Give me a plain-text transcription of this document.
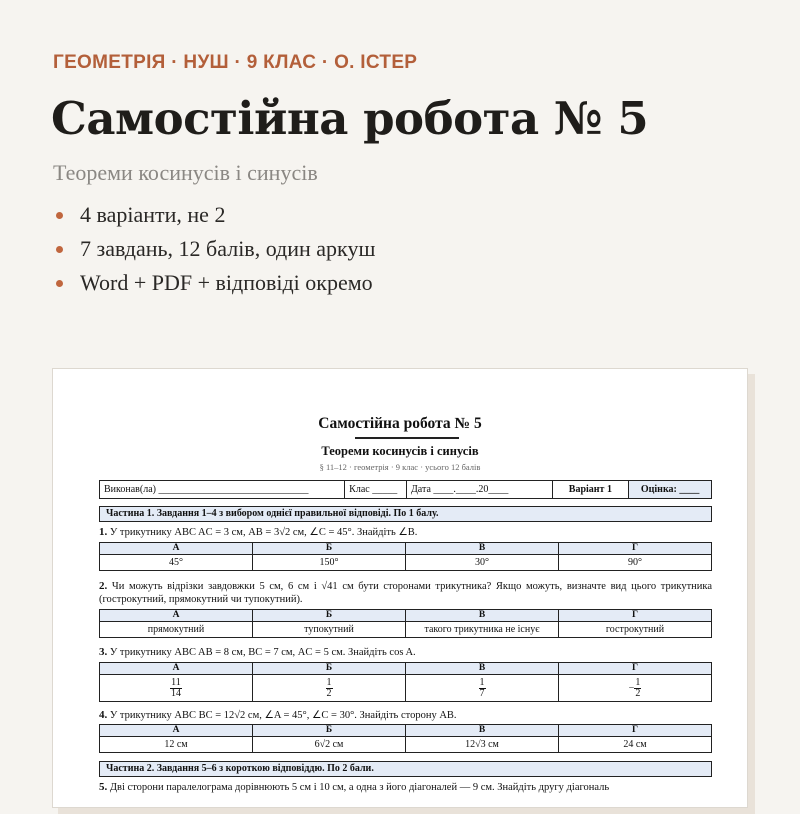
ГЕОМЕТРІЯ · НУШ · 9 КЛАС · О. ІСТЕР
Самостійна робота № 5
Теореми косинусів і синусів
4 варіанти, не 2
7 завдань, 12 балів, один аркуш
Word + PDF + відповіді окремо
Самостійна робота № 5
Теореми косинусів і синусів
§ 11–12 · геометрія · 9 клас · усього 12 балів
Виконав(ла) ______________________________	Клас _____	Дата ____.____.20____	Варіант 1	Оцінка: ____
Частина 1. Завдання 1–4 з вибором однієї правильної відповіді. По 1 балу.
1. У трикутнику ABC AC = 3 см, AB = 3√2 см, ∠C = 45°. Знайдіть ∠B.
А	Б	В	Г
45°	150°	30°	90°
2. Чи можуть відрізки завдовжки 5 см, 6 см і √41 см бути сторонами трикутника? Якщо можуть, визначте вид цього трикутника (гострокутний, прямокутний чи тупокутний).
А	Б	В	Г
прямокутний	тупокутний	такого трикутника не існує	гострокутний
3. У трикутнику ABC AB = 8 см, BC = 7 см, AC = 5 см. Знайдіть cos A.
А	Б	В	Г

$\frac{11}{14}$	$\frac{1}{2}$	$\frac{1}{7}$	− $\frac{1}{2}$
4. У трикутнику ABC BC = 12√2 см, ∠A = 45°, ∠C = 30°. Знайдіть сторону AB.
А	Б	В	Г
12 см	6√2 см	12√3 см	24 см
Частина 2. Завдання 5–6 з короткою відповіддю. По 2 бали.
5. Дві сторони паралелограма дорівнюють 5 см і 10 см, а одна з його діагоналей — 9 см. Знайдіть другу діагональ
